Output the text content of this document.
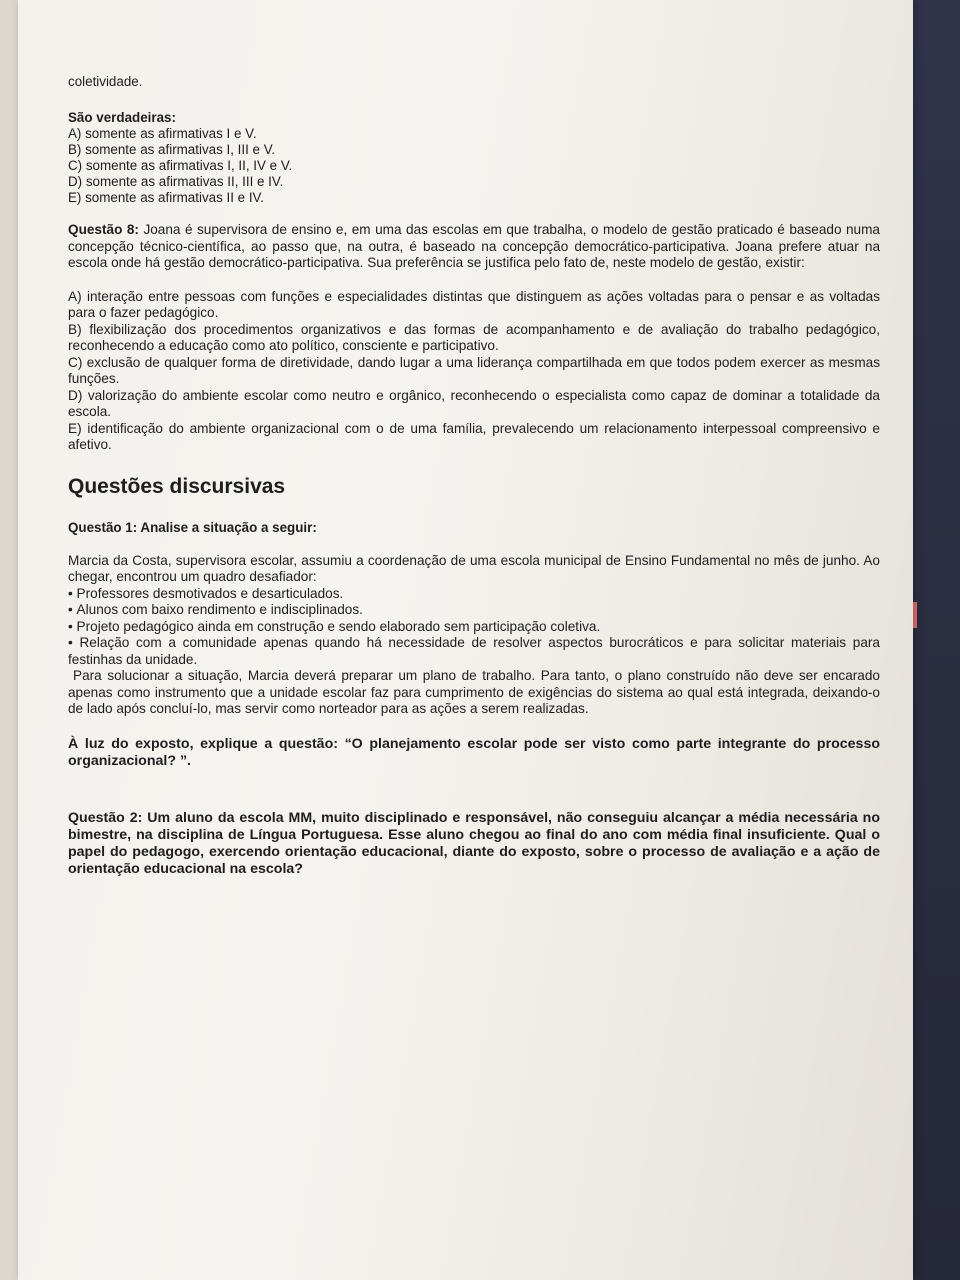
coletividade.

São verdadeiras:

A) somente as afirmativas I e V.

B) somente as afirmativas I, III e V.

C) somente as afirmativas I, II, IV e V.

D) somente as afirmativas II, III e IV.

E) somente as afirmativas II e IV.

Questão 8: Joana é supervisora de ensino e, em uma das escolas em que trabalha, o modelo de gestão praticado é baseado numa concepção técnico-científica, ao passo que, na outra, é baseado na concepção democrático-participativa. Joana prefere atuar na escola onde há gestão democrático-participativa. Sua preferência se justifica pelo fato de, neste modelo de gestão, existir:

A) interação entre pessoas com funções e especialidades distintas que distinguem as ações voltadas para o pensar e as voltadas para o fazer pedagógico.

B) flexibilização dos procedimentos organizativos e das formas de acompanhamento e de avaliação do trabalho pedagógico, reconhecendo a educação como ato político, consciente e participativo.

C) exclusão de qualquer forma de diretividade, dando lugar a uma liderança compartilhada em que todos podem exercer as mesmas funções.

D) valorização do ambiente escolar como neutro e orgânico, reconhecendo o especialista como capaz de dominar a totalidade da escola.

E) identificação do ambiente organizacional com o de uma família, prevalecendo um relacionamento interpessoal compreensivo e afetivo.

Questões discursivas

Questão 1: Analise a situação a seguir:

Marcia da Costa, supervisora escolar, assumiu a coordenação de uma escola municipal de Ensino Fundamental no mês de junho. Ao chegar, encontrou um quadro desafiador:

• Professores desmotivados e desarticulados.
• Alunos com baixo rendimento e indisciplinados.
• Projeto pedagógico ainda em construção e sendo elaborado sem participação coletiva.
• Relação com a comunidade apenas quando há necessidade de resolver aspectos burocráticos e para solicitar materiais para festinhas da unidade.

Para solucionar a situação, Marcia deverá preparar um plano de trabalho. Para tanto, o plano construído não deve ser encarado apenas como instrumento que a unidade escolar faz para cumprimento de exigências do sistema ao qual está integrada, deixando-o de lado após concluí-lo, mas servir como norteador para as ações a serem realizadas.

À luz do exposto, explique a questão: “O planejamento escolar pode ser visto como parte integrante do processo organizacional? ”.

Questão 2: Um aluno da escola MM, muito disciplinado e responsável, não conseguiu alcançar a média necessária no bimestre, na disciplina de Língua Portuguesa. Esse aluno chegou ao final do ano com média final insuficiente. Qual o papel do pedagogo, exercendo orientação educacional, diante do exposto, sobre o processo de avaliação e a ação de orientação educacional na escola?
